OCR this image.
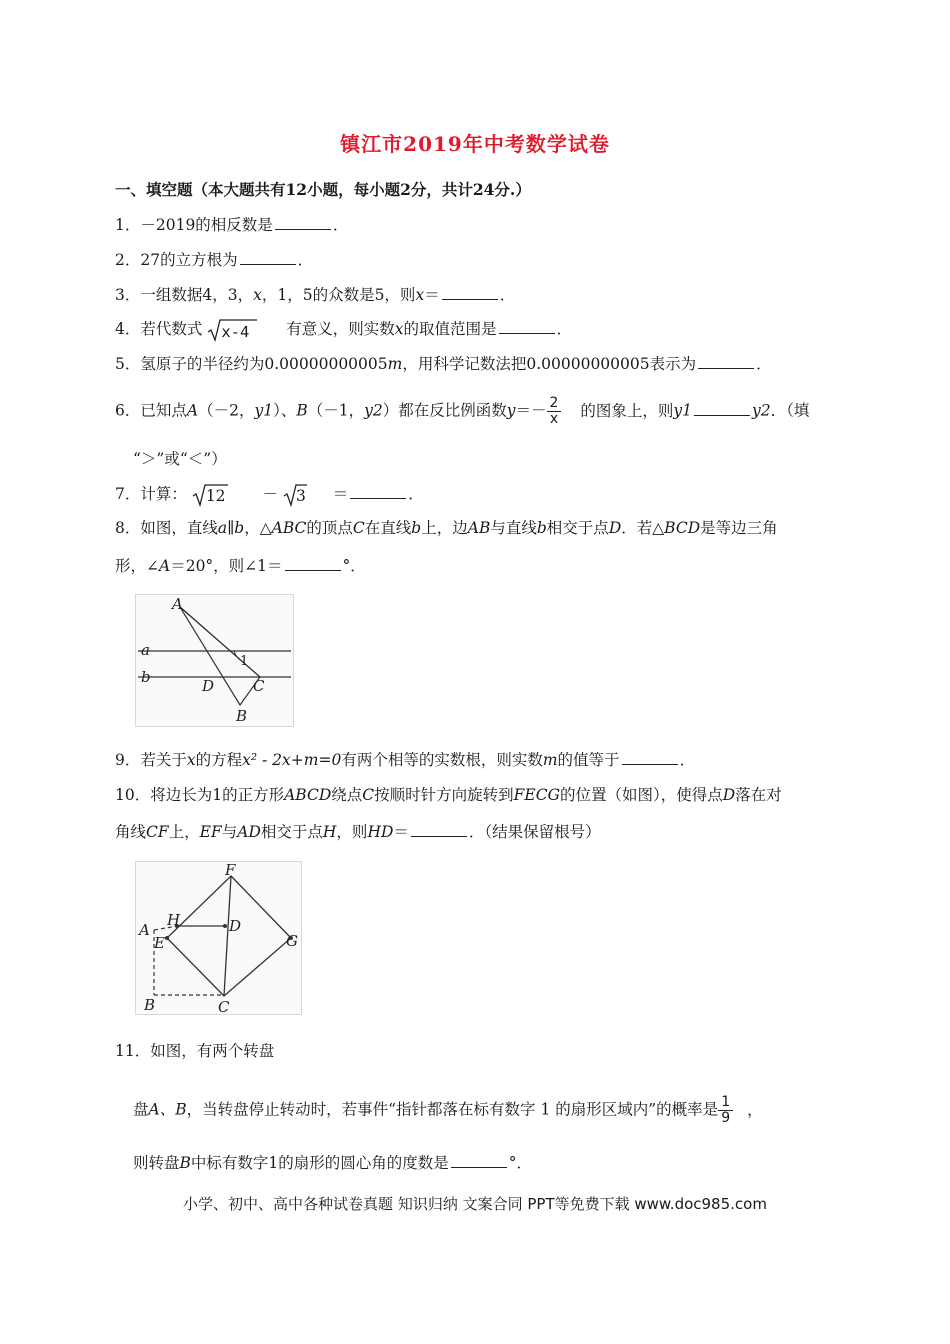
镇江市2019年中考数学试卷
一、填空题（本大题共有12小题，每小题2分，共计24分.）
1．－2019的相反数是	．
2．27的立方根为	．
3．一组数据4，3，x，1，5的众数是5，则x＝	．
4．若代数式 x-4 有意义，则实数x的取值范围是	．
5．氢原子的半径约为0.00000000005m，用科学记数法把0.00000000005表示为	．
6．已知点A（－2，y1）、B（－1，y2）都在反比例函数$y=- \frac{2}{x}$ 的图象上，则y1	y2．（填
“＞”或“＜”）
7．计算： 12 － 3 ＝	．
8．如图，直线a∥b，△ABC的顶点C在直线b上，边AB与直线b相交于点D．若△BCD是等边三角
形，∠A＝20°，则∠1＝	°．
A
a
b
1
D	C
B
9．若关于x的方程x² - 2x+m=0有两个相等的实数根，则实数m的值等于	．
10．将边长为1的正方形ABCD绕点C按顺时针方向旋转到FECG的位置（如图），使得点D落在对
角线CF上，EF与AD相交于点H，则HD＝	．（结果保留根号）
F
A
H	D
E	G
B	C
11．如图，有两个转盘
盘A、B，当转盘停止转动时，若事件“指针都落在标有数字 1 的扇形区域内”的概率是 $\frac{1}{9}$ ，
则转盘B中标有数字1的扇形的圆心角的度数是	°．
小学、初中、高中各种试卷真题 知识归纳 文案合同 PPT等免费下载 www.doc985.com
